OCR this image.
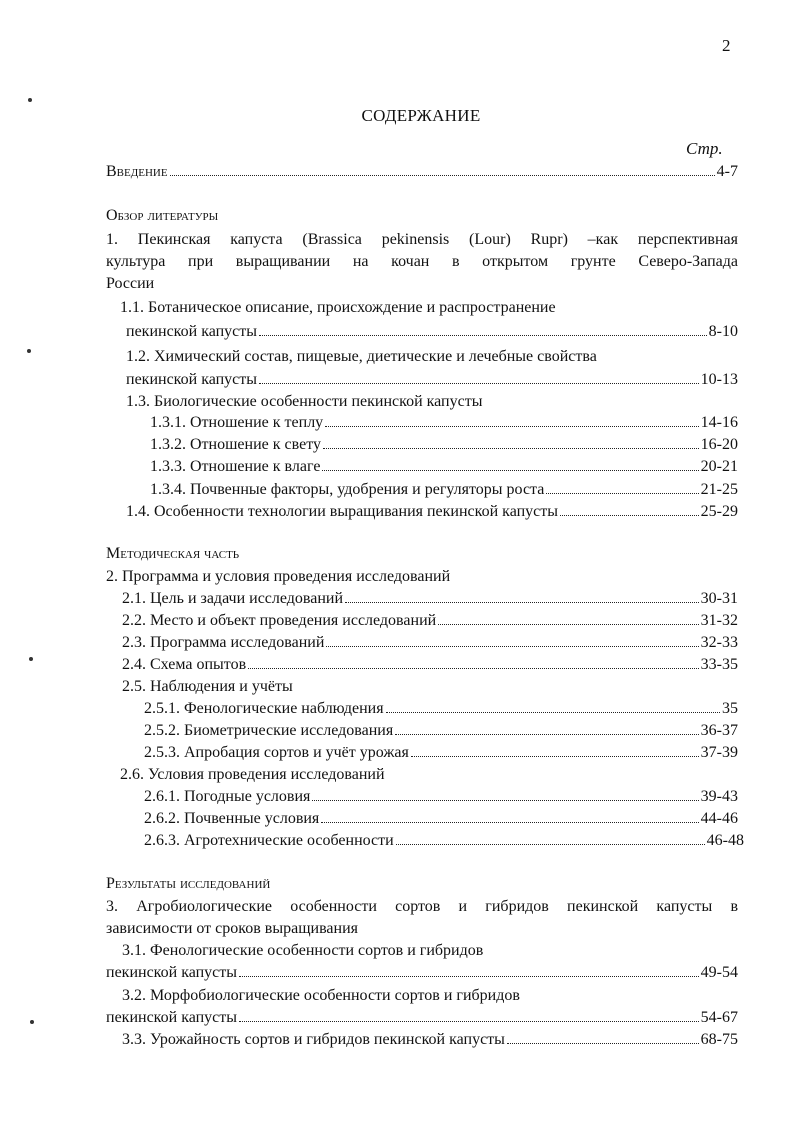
2
СОДЕРЖАНИЕ
Стр.
Введение	4-7
Обзор литературы
1. Пекинская капуста (Brassica pekinensis (Lour) Rupr) –как перспективная
культура при выращивании на кочан в открытом грунте Северо-Запада
России
1.1. Ботаническое описание, происхождение и распространение
пекинской капусты	8-10
1.2. Химический состав, пищевые, диетические и лечебные свойства
пекинской капусты	10-13
1.3. Биологические особенности пекинской капусты
1.3.1. Отношение к теплу	14-16
1.3.2. Отношение к свету	16-20
1.3.3. Отношение к влаге	20-21
1.3.4. Почвенные факторы, удобрения и регуляторы роста	21-25
1.4. Особенности технологии выращивания пекинской капусты	25-29
Методическая часть
2. Программа и условия проведения исследований
2.1. Цель и задачи исследований	30-31
2.2. Место и объект проведения исследований	31-32
2.3. Программа исследований	32-33
2.4. Схема опытов	33-35
2.5. Наблюдения и учёты
2.5.1. Фенологические наблюдения	35
2.5.2. Биометрические исследования	36-37
2.5.3. Апробация сортов и учёт урожая	37-39
2.6. Условия проведения исследований
2.6.1. Погодные условия	39-43
2.6.2. Почвенные условия	44-46
2.6.3. Агротехнические особенности	46-48
Результаты исследований
3. Агробиологические особенности сортов и гибридов пекинской капусты в
зависимости от сроков выращивания
3.1. Фенологические особенности сортов и гибридов
пекинской капусты	49-54
3.2. Морфобиологические особенности сортов и гибридов
пекинской капусты	54-67
3.3. Урожайность сортов и гибридов пекинской капусты	68-75
